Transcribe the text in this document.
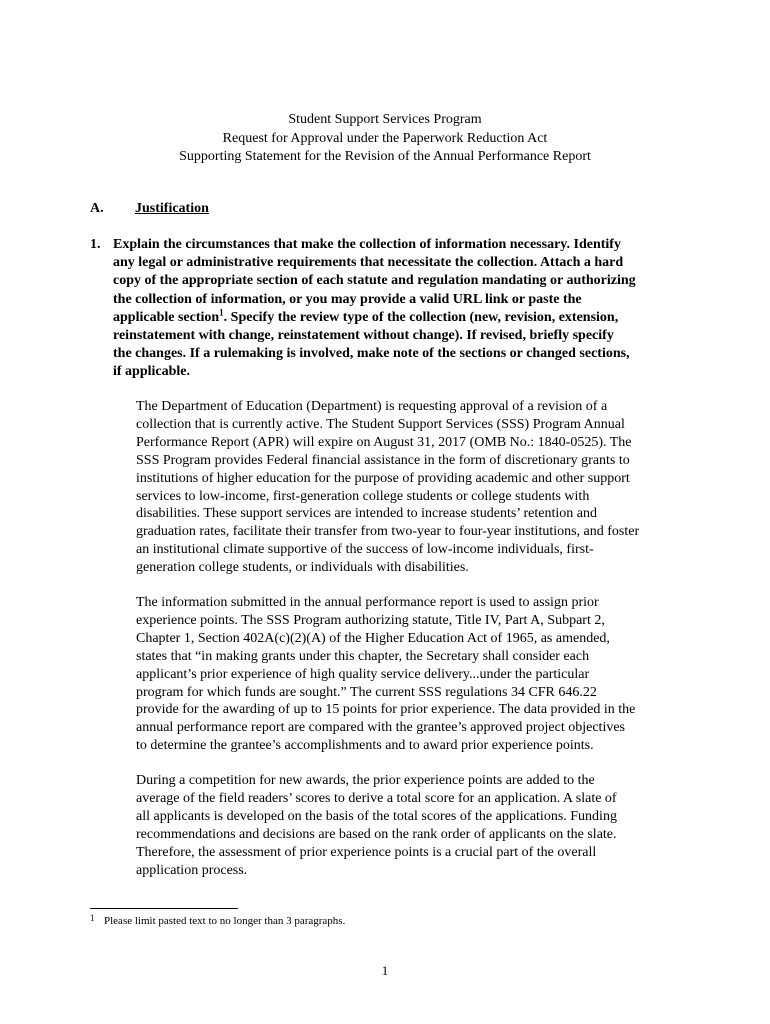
Student Support Services Program
Request for Approval under the Paperwork Reduction Act
Supporting Statement for the Revision of the Annual Performance Report
A. Justification
1. Explain the circumstances that make the collection of information necessary. Identify
any legal or administrative requirements that necessitate the collection. Attach a hard
copy of the appropriate section of each statute and regulation mandating or authorizing
the collection of information, or you may provide a valid URL link or paste the
applicable section$^1$. Specify the review type of the collection (new, revision, extension,
reinstatement with change, reinstatement without change). If revised, briefly specify
the changes. If a rulemaking is involved, make note of the sections or changed sections,
if applicable.
The Department of Education (Department) is requesting approval of a revision of a
collection that is currently active. The Student Support Services (SSS) Program Annual
Performance Report (APR) will expire on August 31, 2017 (OMB No.: 1840-0525). The
SSS Program provides Federal financial assistance in the form of discretionary grants to
institutions of higher education for the purpose of providing academic and other support
services to low-income, first-generation college students or college students with
disabilities. These support services are intended to increase students’ retention and
graduation rates, facilitate their transfer from two-year to four-year institutions, and foster
an institutional climate supportive of the success of low-income individuals, first-
generation college students, or individuals with disabilities.
The information submitted in the annual performance report is used to assign prior
experience points. The SSS Program authorizing statute, Title IV, Part A, Subpart 2,
Chapter 1, Section 402A(c)(2)(A) of the Higher Education Act of 1965, as amended,
states that “in making grants under this chapter, the Secretary shall consider each
applicant’s prior experience of high quality service delivery...under the particular
program for which funds are sought.” The current SSS regulations 34 CFR 646.22
provide for the awarding of up to 15 points for prior experience. The data provided in the
annual performance report are compared with the grantee’s approved project objectives
to determine the grantee’s accomplishments and to award prior experience points.
During a competition for new awards, the prior experience points are added to the
average of the field readers’ scores to derive a total score for an application. A slate of
all applicants is developed on the basis of the total scores of the applications. Funding
recommendations and decisions are based on the rank order of applicants on the slate.
Therefore, the assessment of prior experience points is a crucial part of the overall
application process.
1 Please limit pasted text to no longer than 3 paragraphs.
1
